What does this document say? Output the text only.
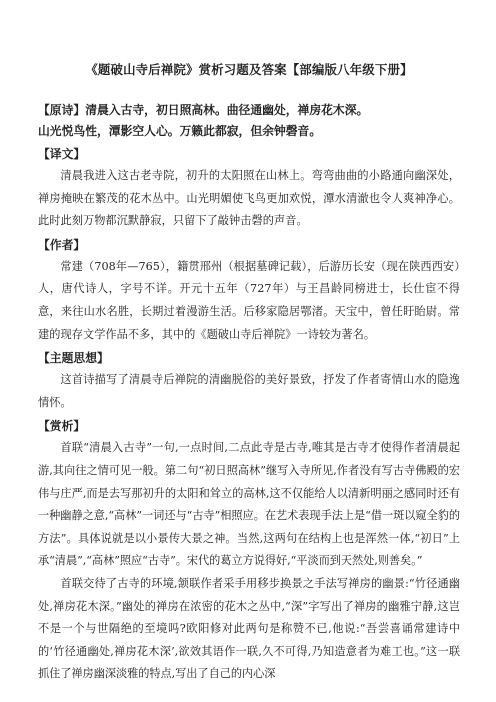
《题破山寺后禅院》赏析习题及答案【部编版八年级下册】

【原诗】清晨入古寺，初日照高林。曲径通幽处，禅房花木深。

山光悦鸟性，潭影空人心。万籁此都寂，但余钟磬音。

【译文】

清晨我进入这古老寺院，初升的太阳照在山林上。弯弯曲曲的小路通向幽深处，禅房掩映在繁茂的花木丛中。山光明媚使飞鸟更加欢悦，潭水清澈也令人爽神净心。此时此刻万物都沉默静寂，只留下了敲钟击磬的声音。

【作者】

常建（708年—765），籍贯邢州（根据墓碑记载），后游历长安（现在陕西西安）人，唐代诗人，字号不详。开元十五年（727年）与王昌龄同榜进士，长仕宦不得意，来往山水名胜，长期过着漫游生活。后移家隐居鄂渚。天宝中，曾任盱眙尉。常建的现存文学作品不多，其中的《题破山寺后禅院》一诗较为著名。

【主题思想】

这首诗描写了清晨寺后禅院的清幽脱俗的美好景致，抒发了作者寄情山水的隐逸情怀。

【赏析】

首联“清晨入古寺”一句,一点时间,二点此寺是古寺,唯其是古寺才使得作者清晨起游,其向往之情可见一般。第二句“初日照高林”继写入寺所见,作者没有写古寺佛殿的宏伟与庄严,而是去写那初升的太阳和耸立的高林,这不仅能给人以清新明丽之感同时还有一种幽静之意,“高林”一词还与“古寺”相照应。在艺术表现手法上是“借一斑以窥全豹的方法”。具体说就是以小景传大景之神。当然,这两句在结构上也是浑然一体,“初日”上承“清晨”,“高林”照应“古寺”。宋代的葛立方说得好,“平淡而到天然处,则善矣。”

首联交待了古寺的环境,颔联作者采手用移步换景之手法写禅房的幽景:“竹径通幽处,禅房花木深。”幽处的禅房在浓密的花木之丛中,“深”字写出了禅房的幽雅宁静,这岂不是一个与世隔绝的至境吗?欧阳修对此两句是称赞不已,他说:“吾尝喜诵常建诗中的‘竹径通幽处,禅房花木深’,欲效其语作一联,久不可得,乃知造意者为难工也。”这一联抓住了禅房幽深淡雅的特点,写出了自己的内心深
